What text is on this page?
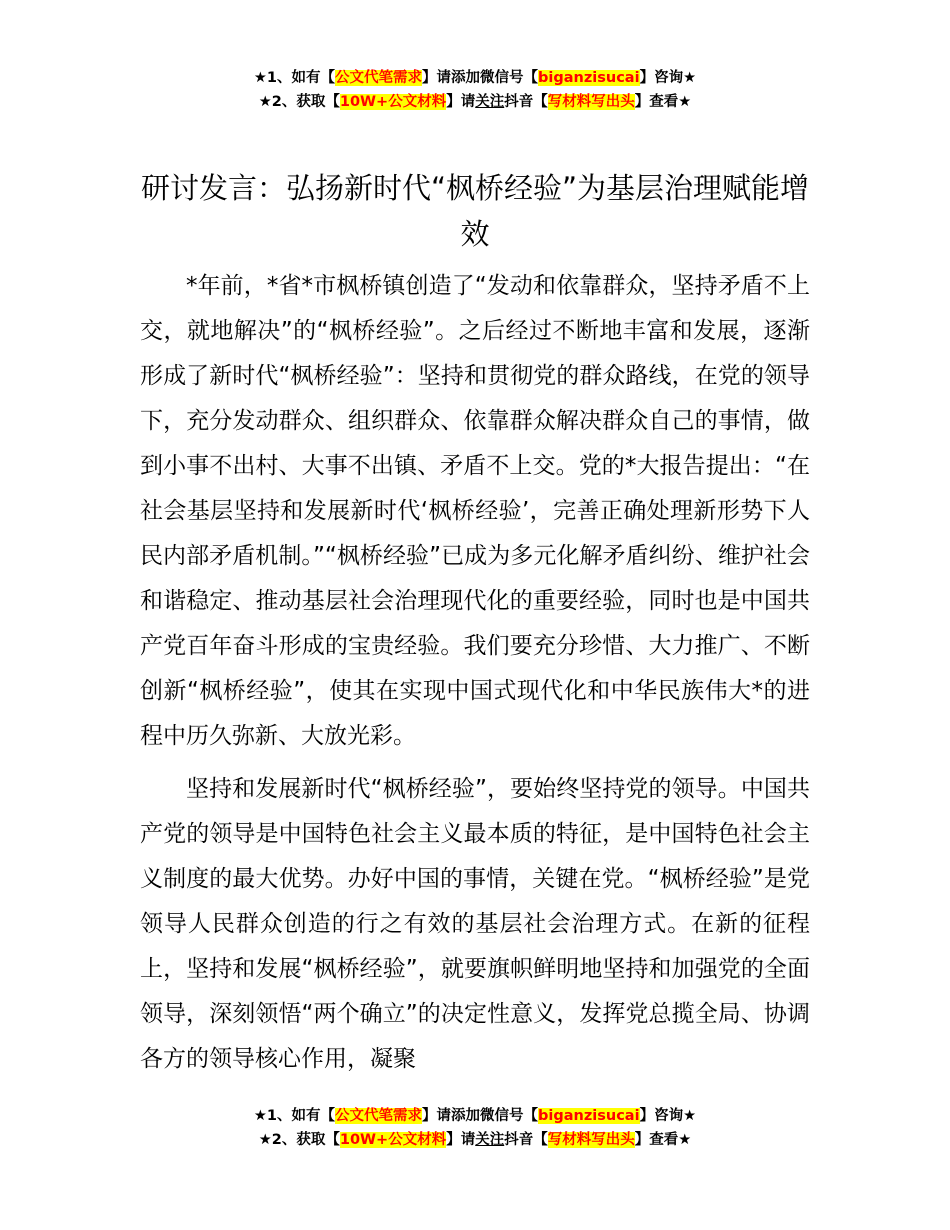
★1、如有【公文代笔需求】请添加微信号【biganzisucai】咨询★
★2、获取【10W+公文材料】请关注抖音【写材料写出头】查看★
研讨发言：弘扬新时代“枫桥经验”为基层治理赋能增效

*年前，*省*市枫桥镇创造了“发动和依靠群众，坚持矛盾不上交，就地解决”的“枫桥经验”。之后经过不断地丰富和发展，逐渐形成了新时代“枫桥经验”：坚持和贯彻党的群众路线，在党的领导下，充分发动群众、组织群众、依靠群众解决群众自己的事情，做到小事不出村、大事不出镇、矛盾不上交。党的*大报告提出：“在社会基层坚持和发展新时代‘枫桥经验’，完善正确处理新形势下人民内部矛盾机制。”“枫桥经验”已成为多元化解矛盾纠纷、维护社会和谐稳定、推动基层社会治理现代化的重要经验，同时也是中国共产党百年奋斗形成的宝贵经验。我们要充分珍惜、大力推广、不断创新“枫桥经验”，使其在实现中国式现代化和中华民族伟大*的进程中历久弥新、大放光彩。

坚持和发展新时代“枫桥经验”，要始终坚持党的领导。中国共产党的领导是中国特色社会主义最本质的特征，是中国特色社会主义制度的最大优势。办好中国的事情，关键在党。“枫桥经验”是党领导人民群众创造的行之有效的基层社会治理方式。在新的征程上，坚持和发展“枫桥经验”，就要旗帜鲜明地坚持和加强党的全面领导，深刻领悟“两个确立”的决定性意义，发挥党总揽全局、协调各方的领导核心作用，凝聚

★1、如有【公文代笔需求】请添加微信号【biganzisucai】咨询★
★2、获取【10W+公文材料】请关注抖音【写材料写出头】查看★
